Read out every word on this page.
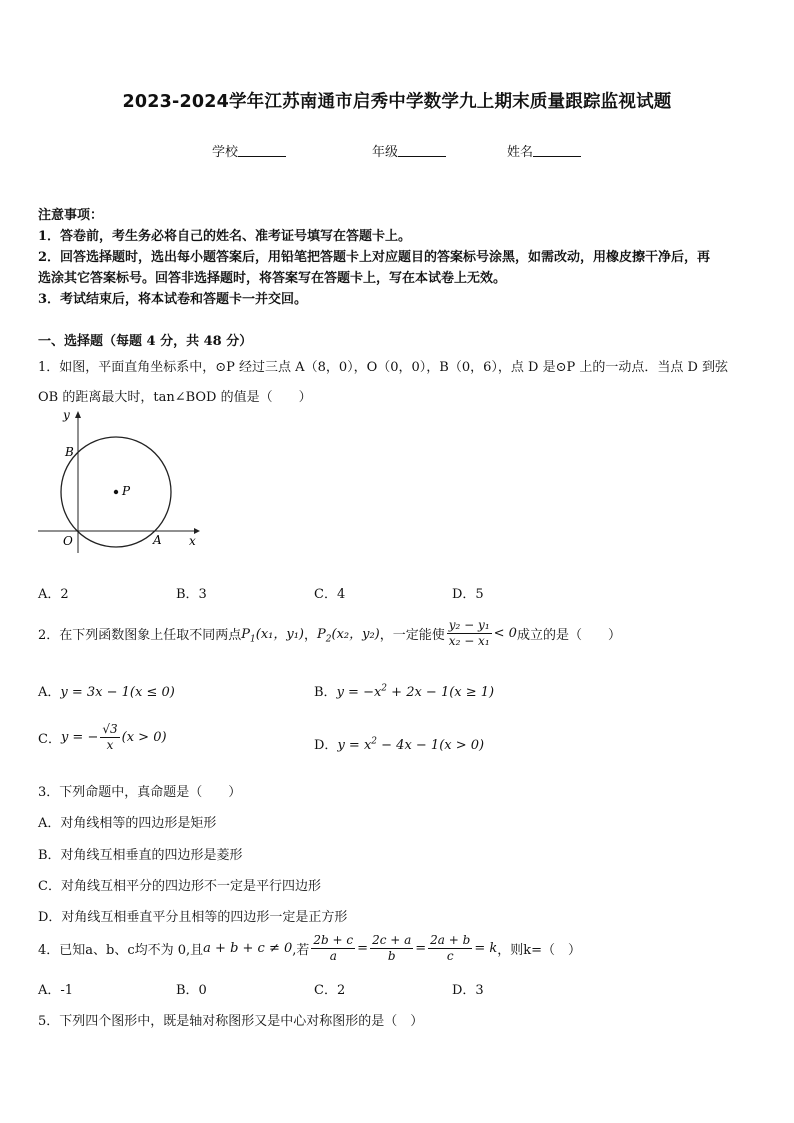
2023-2024学年江苏南通市启秀中学数学九上期末质量跟踪监视试题
学校	年级	姓名
注意事项：
1．答卷前，考生务必将自己的姓名、准考证号填写在答题卡上。
2．回答选择题时，选出每小题答案后，用铅笔把答题卡上对应题目的答案标号涂黑，如需改动，用橡皮擦干净后，再
选涂其它答案标号。回答非选择题时，将答案写在答题卡上，写在本试卷上无效。
3．考试结束后，将本试卷和答题卡一并交回。
一、选择题（每题 4 分，共 48 分）
1．如图，平面直角坐标系中，⊙P 经过三点 A（8，0），O（0，0），B（0，6），点 D 是⊙P 上的一动点．当点 D 到弦
OB 的距离最大时，tan∠BOD 的值是（　　）
y
B
P
O	A x
A．2	B．3	C．4	D．5
2．在下列函数图象上任取不同两点 $P_1(x_1$，y₁) ， $P_2(x_2$，y₂) ，一定能使 $\frac{\text{y₂ − y₁}}{\text{x₂ − x₁}} < 0$ 成立的是（　　）
A．y = 3x − 1(x ≤ 0)	B．$y = -x^2 + 2x - 1(x \ge 1)$
C． y = − $\frac{√3}{x} (x > 0)$
D．$y = x^2 - 4x - 1(x > 0)$
3．下列命题中，真命题是（　　）
A．对角线相等的四边形是矩形
B．对角线互相垂直的四边形是菱形
C．对角线互相平分的四边形不一定是平行四边形
D．对角线互相垂直平分且相等的四边形一定是正方形
4．已知a、b、c均不为 0,且 a + b + c ≠ 0 ,若 $\frac{2b + c}{a} = \frac{2c + a}{b} = \frac{2a + b}{c} = k$ ，则k=（　）
A．-1	B．0	C．2	D．3
5．下列四个图形中，既是轴对称图形又是中心对称图形的是（　）
